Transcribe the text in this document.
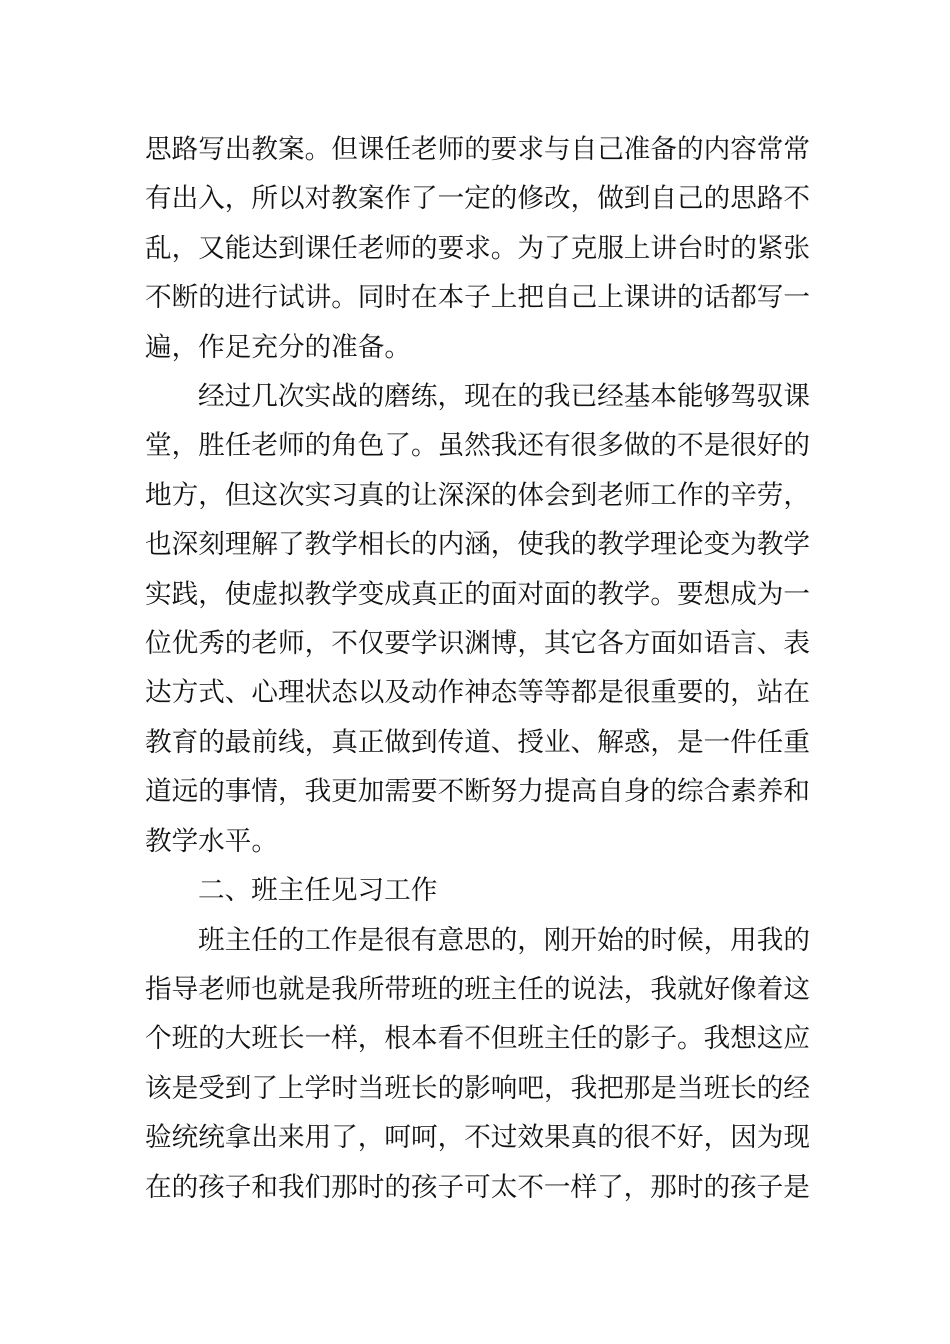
思路写出教案。但课任老师的要求与自己准备的内容常常有出入，所以对教案作了一定的修改，做到自己的思路不乱，又能达到课任老师的要求。为了克服上讲台时的紧张不断的进行试讲。同时在本子上把自己上课讲的话都写一遍，作足充分的准备。

经过几次实战的磨练，现在的我已经基本能够驾驭课堂，胜任老师的角色了。虽然我还有很多做的不是很好的地方，但这次实习真的让深深的体会到老师工作的辛劳，也深刻理解了教学相长的内涵，使我的教学理论变为教学实践，使虚拟教学变成真正的面对面的教学。要想成为一位优秀的老师，不仅要学识渊博，其它各方面如语言、表达方式、心理状态以及动作神态等等都是很重要的，站在教育的最前线，真正做到传道、授业、解惑，是一件任重道远的事情，我更加需要不断努力提高自身的综合素养和教学水平。

二、班主任见习工作

班主任的工作是很有意思的，刚开始的时候，用我的指导老师也就是我所带班的班主任的说法，我就好像着这个班的大班长一样，根本看不但班主任的影子。我想这应该是受到了上学时当班长的影响吧，我把那是当班长的经验统统拿出来用了，呵呵，不过效果真的很不好，因为现在的孩子和我们那时的孩子可太不一样了，那时的孩子是
